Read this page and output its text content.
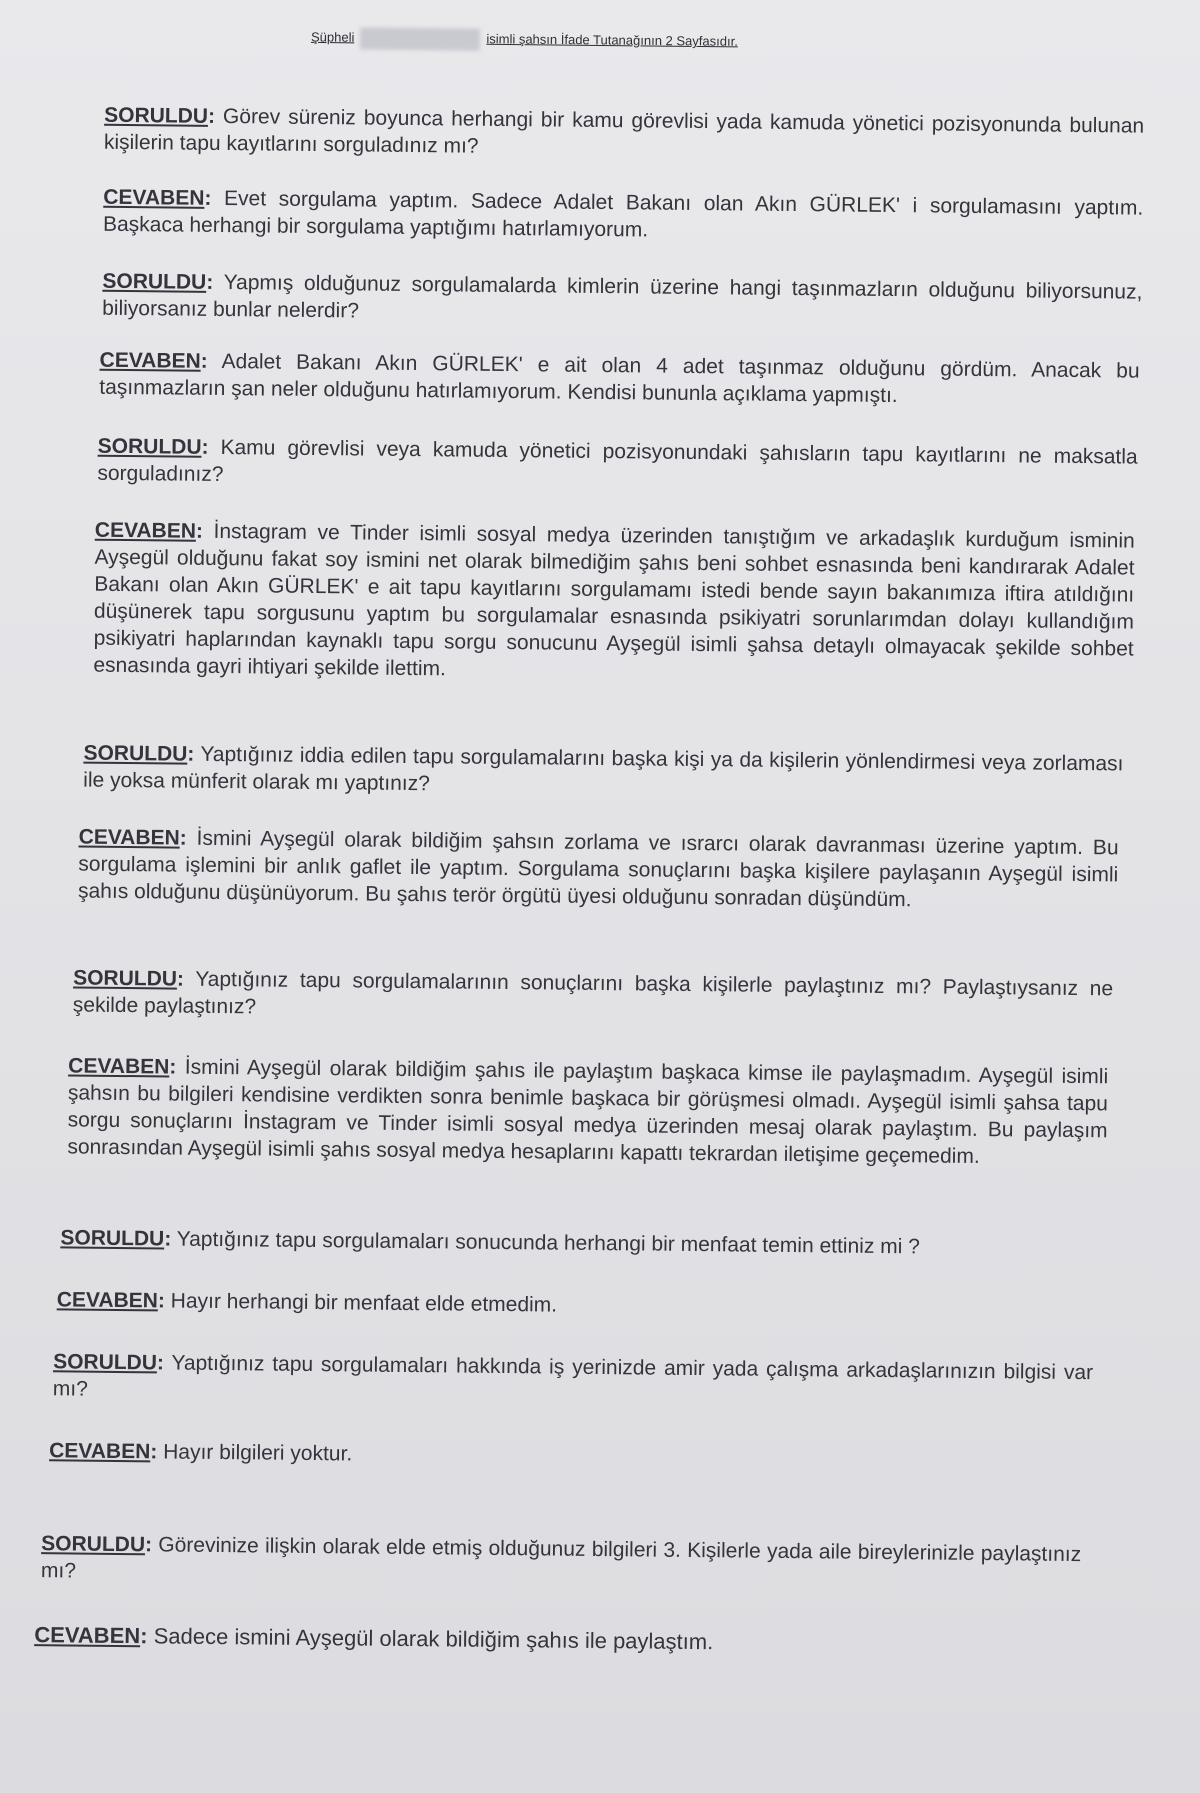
Şüpheli	isimli şahsın İfade Tutanağının 2 Sayfasıdır.

SORULDU: Görev süreniz boyunca herhangi bir kamu görevlisi yada kamuda yönetici pozisyonunda bulunan kişilerin tapu kayıtlarını sorguladınız mı?

CEVABEN: Evet sorgulama yaptım. Sadece Adalet Bakanı olan Akın GÜRLEK' i sorgulamasını yaptım. Başkaca herhangi bir sorgulama yaptığımı hatırlamıyorum.

SORULDU: Yapmış olduğunuz sorgulamalarda kimlerin üzerine hangi taşınmazların olduğunu biliyorsunuz, biliyorsanız bunlar nelerdir?

CEVABEN: Adalet Bakanı Akın GÜRLEK' e ait olan 4 adet taşınmaz olduğunu gördüm. Anacak bu taşınmazların şan neler olduğunu hatırlamıyorum. Kendisi bununla açıklama yapmıştı.

SORULDU: Kamu görevlisi veya kamuda yönetici pozisyonundaki şahısların tapu kayıtlarını ne maksatla sorguladınız?

CEVABEN: İnstagram ve Tinder isimli sosyal medya üzerinden tanıştığım ve arkadaşlık kurduğum isminin Ayşegül olduğunu fakat soy ismini net olarak bilmediğim şahıs beni sohbet esnasında beni kandırarak Adalet Bakanı olan Akın GÜRLEK' e ait tapu kayıtlarını sorgulamamı istedi bende sayın bakanımıza iftira atıldığını düşünerek tapu sorgusunu yaptım bu sorgulamalar esnasında psikiyatri sorunlarımdan dolayı kullandığım psikiyatri haplarından kaynaklı tapu sorgu sonucunu Ayşegül isimli şahsa detaylı olmayacak şekilde sohbet esnasında gayri ihtiyari şekilde ilettim.

SORULDU: Yaptığınız iddia edilen tapu sorgulamalarını başka kişi ya da kişilerin yönlendirmesi veya zorlaması ile yoksa münferit olarak mı yaptınız?

CEVABEN: İsmini Ayşegül olarak bildiğim şahsın zorlama ve ısrarcı olarak davranması üzerine yaptım. Bu sorgulama işlemini bir anlık gaflet ile yaptım. Sorgulama sonuçlarını başka kişilere paylaşanın Ayşegül isimli şahıs olduğunu düşünüyorum. Bu şahıs terör örgütü üyesi olduğunu sonradan düşündüm.

SORULDU: Yaptığınız tapu sorgulamalarının sonuçlarını başka kişilerle paylaştınız mı? Paylaştıysanız ne şekilde paylaştınız?

CEVABEN: İsmini Ayşegül olarak bildiğim şahıs ile paylaştım başkaca kimse ile paylaşmadım. Ayşegül isimli şahsın bu bilgileri kendisine verdikten sonra benimle başkaca bir görüşmesi olmadı. Ayşegül isimli şahsa tapu sorgu sonuçlarını İnstagram ve Tinder isimli sosyal medya üzerinden mesaj olarak paylaştım. Bu paylaşım sonrasından Ayşegül isimli şahıs sosyal medya hesaplarını kapattı tekrardan iletişime geçemedim.

SORULDU: Yaptığınız tapu sorgulamaları sonucunda herhangi bir menfaat temin ettiniz mi ?

CEVABEN: Hayır herhangi bir menfaat elde etmedim.

SORULDU: Yaptığınız tapu sorgulamaları hakkında iş yerinizde amir yada çalışma arkadaşlarınızın bilgisi var mı?

CEVABEN: Hayır bilgileri yoktur.

SORULDU: Görevinize ilişkin olarak elde etmiş olduğunuz bilgileri 3. Kişilerle yada aile bireylerinizle paylaştınız mı?

CEVABEN: Sadece ismini Ayşegül olarak bildiğim şahıs ile paylaştım.
